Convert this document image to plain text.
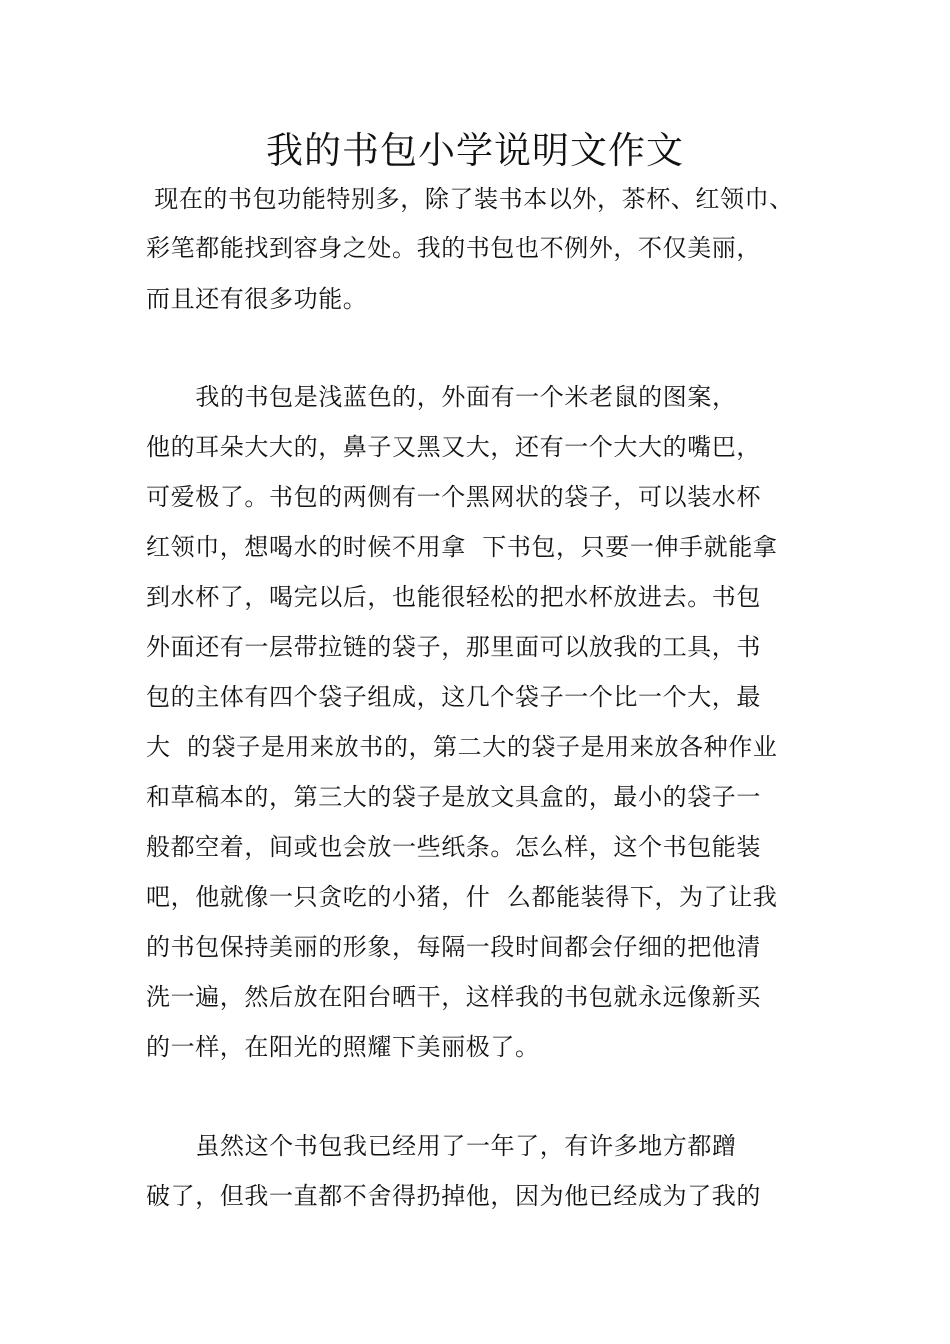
我的书包小学说明文作文
现在的书包功能特别多，除了装书本以外，茶杯、红领巾、
彩笔都能找到容身之处。我的书包也不例外，不仅美丽，
而且还有很多功能。
我的书包是浅蓝色的，外面有一个米老鼠的图案，
他的耳朵大大的，鼻子又黑又大，还有一个大大的嘴巴，
可爱极了。书包的两侧有一个黑网状的袋子，可以装水杯
红领巾，想喝水的时候不用拿  下书包，只要一伸手就能拿
到水杯了，喝完以后，也能很轻松的把水杯放进去。书包
外面还有一层带拉链的袋子，那里面可以放我的工具，书
包的主体有四个袋子组成，这几个袋子一个比一个大，最
大  的袋子是用来放书的，第二大的袋子是用来放各种作业
和草稿本的，第三大的袋子是放文具盒的，最小的袋子一
般都空着，间或也会放一些纸条。怎么样，这个书包能装
吧，他就像一只贪吃的小猪，什  么都能装得下，为了让我
的书包保持美丽的形象，每隔一段时间都会仔细的把他清
洗一遍，然后放在阳台晒干，这样我的书包就永远像新买
的一样，在阳光的照耀下美丽极了。
虽然这个书包我已经用了一年了，有许多地方都蹭
破了，但我一直都不舍得扔掉他，因为他已经成为了我的
